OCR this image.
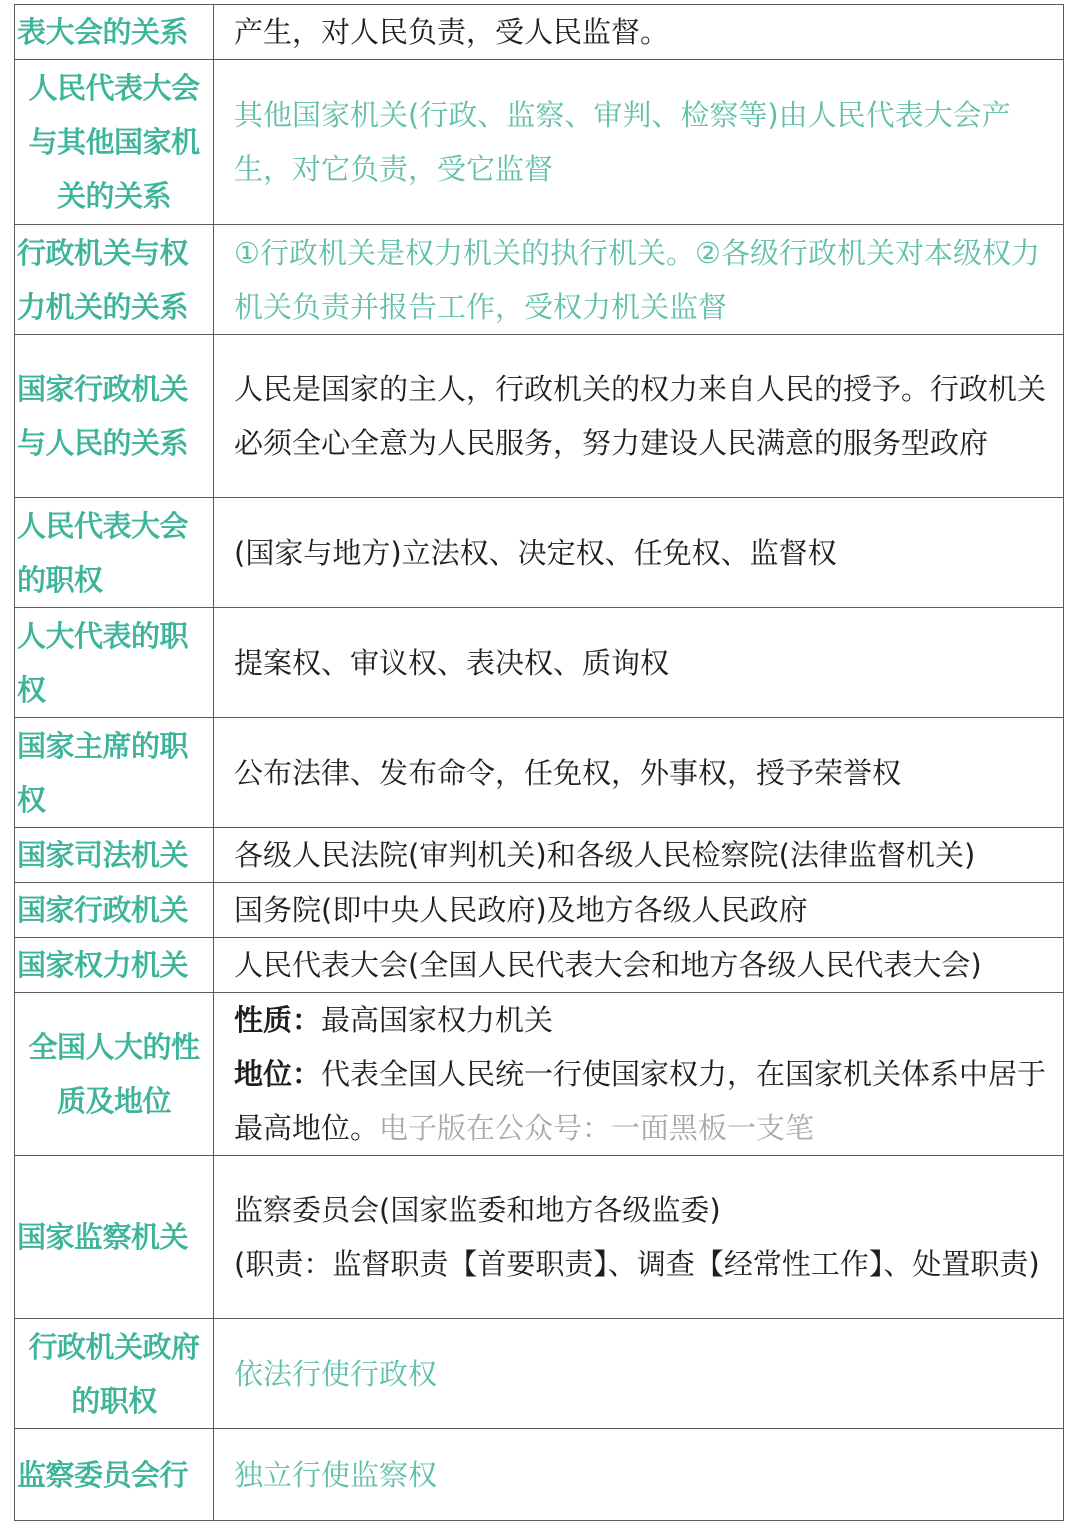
表大会的关系	产生，对人民负责，受人民监督。

人民代表大会
与其他国家机
关的关系	其他国家机关(行政、监察、审判、检察等)由人民代表大会产生，对它负责，受它监督

行政机关与权
力机关的关系	①行政机关是权力机关的执行机关。②各级行政机关对本级权力机关负责并报告工作，受权力机关监督

国家行政机关
与人民的关系	人民是国家的主人，行政机关的权力来自人民的授予。行政机关必须全心全意为人民服务，努力建设人民满意的服务型政府

人民代表大会
的职权	(国家与地方)立法权、决定权、任免权、监督权

人大代表的职
权	提案权、审议权、表决权、质询权

国家主席的职
权	公布法律、发布命令，任免权，外事权，授予荣誉权

国家司法机关	各级人民法院(审判机关)和各级人民检察院(法律监督机关)

国家行政机关	国务院(即中央人民政府)及地方各级人民政府

国家权力机关	人民代表大会(全国人民代表大会和地方各级人民代表大会)

全国人大的性
质及地位	性质：最高国家权力机关
地位：代表全国人民统一行使国家权力，在国家机关体系中居于最高地位。电子版在公众号：一面黑板一支笔

国家监察机关	监察委员会(国家监委和地方各级监委)
(职责：监督职责【首要职责】、调查【经常性工作】、处置职责)

行政机关政府
的职权	依法行使行政权

监察委员会行	独立行使监察权
